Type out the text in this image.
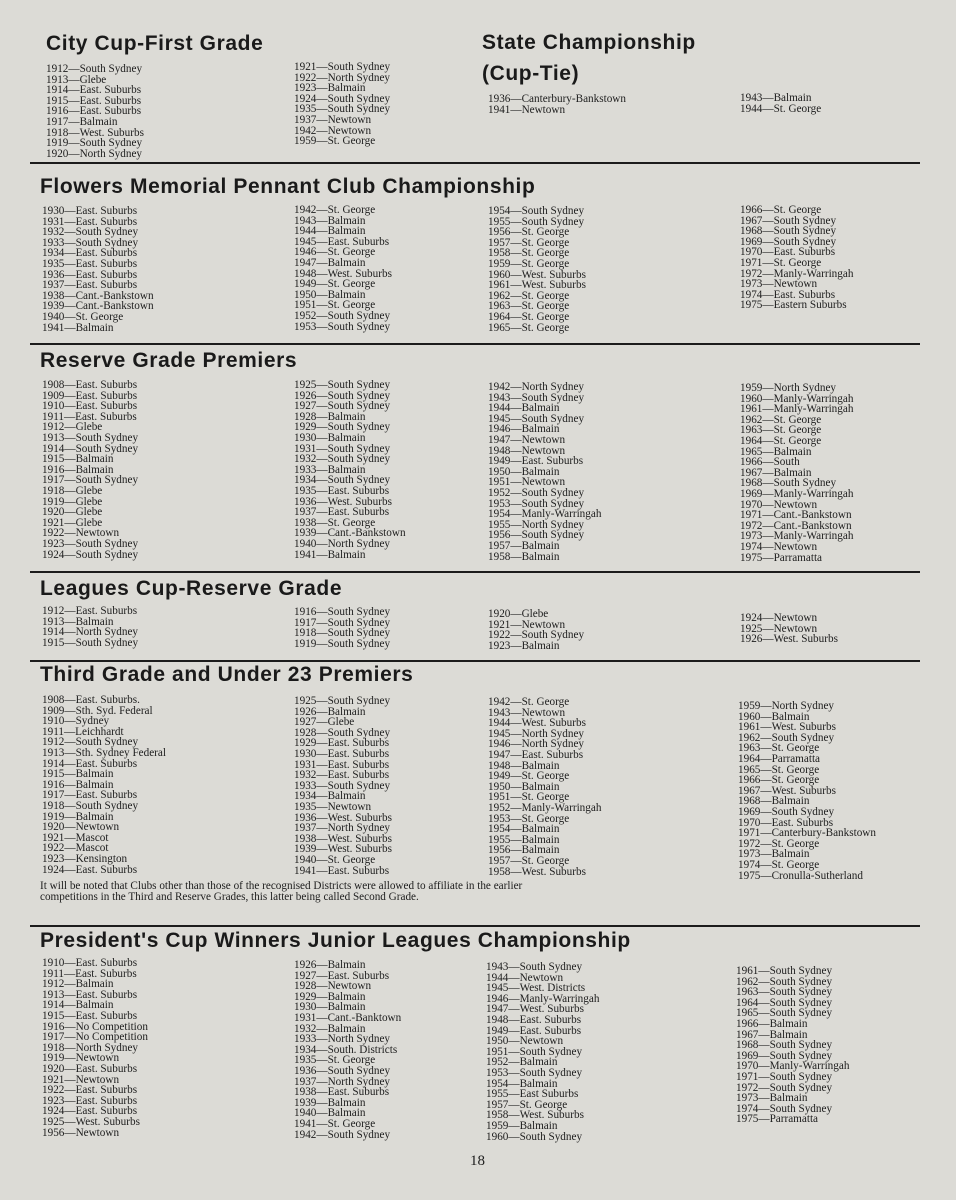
City Cup-First Grade
1912—South Sydney
1913—Glebe
1914—East. Suburbs
1915—East. Suburbs
1916—East. Suburbs
1917—Balmain
1918—West. Suburbs
1919—South Sydney
1920—North Sydney
1921—South Sydney
1922—North Sydney
1923—Balmain
1924—South Sydney
1935—South Sydney
1937—Newtown
1942—Newtown
1959—St. George
State Championship
(Cup-Tie)
1936—Canterbury-Bankstown
1941—Newtown
1943—Balmain
1944—St. George
Flowers Memorial Pennant Club Championship
1930—East. Suburbs
1931—East. Suburbs
1932—South Sydney
1933—South Sydney
1934—East. Suburbs
1935—East. Suburbs
1936—East. Suburbs
1937—East. Suburbs
1938—Cant.-Bankstown
1939—Cant.-Bankstown
1940—St. George
1941—Balmain
1942—St. George
1943—Balmain
1944—Balmain
1945—East. Suburbs
1946—St. George
1947—Balmain
1948—West. Suburbs
1949—St. George
1950—Balmain
1951—St. George
1952—South Sydney
1953—South Sydney
1954—South Sydney
1955—South Sydney
1956—St. George
1957—St. George
1958—St. George
1959—St. George
1960—West. Suburbs
1961—West. Suburbs
1962—St. George
1963—St. George
1964—St. George
1965—St. George
1966—St. George
1967—South Sydney
1968—South Sydney
1969—South Sydney
1970—East. Suburbs
1971—St. George
1972—Manly-Warringah
1973—Newtown
1974—East. Suburbs
1975—Eastern Suburbs
Reserve Grade Premiers
1908—East. Suburbs
1909—East. Suburbs
1910—East. Suburbs
1911—East. Suburbs
1912—Glebe
1913—South Sydney
1914—South Sydney
1915—Balmain
1916—Balmain
1917—South Sydney
1918—Glebe
1919—Glebe
1920—Glebe
1921—Glebe
1922—Newtown
1923—South Sydney
1924—South Sydney
1925—South Sydney
1926—South Sydney
1927—South Sydney
1928—Balmain
1929—South Sydney
1930—Balmain
1931—South Sydney
1932—South Sydney
1933—Balmain
1934—South Sydney
1935—East. Suburbs
1936—West. Suburbs
1937—East. Suburbs
1938—St. George
1939—Cant.-Bankstown
1940—North Sydney
1941—Balmain
1942—North Sydney
1943—South Sydney
1944—Balmain
1945—South Sydney
1946—Balmain
1947—Newtown
1948—Newtown
1949—East. Suburbs
1950—Balmain
1951—Newtown
1952—South Sydney
1953—South Sydney
1954—Manly-Warringah
1955—North Sydney
1956—South Sydney
1957—Balmain
1958—Balmain
1959—North Sydney
1960—Manly-Warringah
1961—Manly-Warringah
1962—St. George
1963—St. George
1964—St. George
1965—Balmain
1966—South
1967—Balmain
1968—South Sydney
1969—Manly-Warringah
1970—Newtown
1971—Cant.-Bankstown
1972—Cant.-Bankstown
1973—Manly-Warringah
1974—Newtown
1975—Parramatta
Leagues Cup-Reserve Grade
1912—East. Suburbs
1913—Balmain
1914—North Sydney
1915—South Sydney
1916—South Sydney
1917—South Sydney
1918—South Sydney
1919—South Sydney
1920—Glebe
1921—Newtown
1922—South Sydney
1923—Balmain
1924—Newtown
1925—Newtown
1926—West. Suburbs
Third Grade and Under 23 Premiers
1908—East. Suburbs.
1909—Sth. Syd. Federal
1910—Sydney
1911—Leichhardt
1912—South Sydney
1913—Sth. Sydney Federal
1914—East. Suburbs
1915—Balmain
1916—Balmain
1917—East. Suburbs
1918—South Sydney
1919—Balmain
1920—Newtown
1921—Mascot
1922—Mascot
1923—Kensington
1924—East. Suburbs
1925—South Sydney
1926—Balmain
1927—Glebe
1928—South Sydney
1929—East. Suburbs
1930—East. Suburbs
1931—East. Suburbs
1932—East. Suburbs
1933—South Sydney
1934—Balmain
1935—Newtown
1936—West. Suburbs
1937—North Sydney
1938—West. Suburbs
1939—West. Suburbs
1940—St. George
1941—East. Suburbs
1942—St. George
1943—Newtown
1944—West. Suburbs
1945—North Sydney
1946—North Sydney
1947—East. Suburbs
1948—Balmain
1949—St. George
1950—Balmain
1951—St. George
1952—Manly-Warringah
1953—St. George
1954—Balmain
1955—Balmain
1956—Balmain
1957—St. George
1958—West. Suburbs
1959—North Sydney
1960—Balmain
1961—West. Suburbs
1962—South Sydney
1963—St. George
1964—Parramatta
1965—St. George
1966—St. George
1967—West. Suburbs
1968—Balmain
1969—South Sydney
1970—East. Suburbs
1971—Canterbury-Bankstown
1972—St. George
1973—Balmain
1974—St. George
1975—Cronulla-Sutherland

It will be noted that Clubs other than those of the recognised Districts were allowed to affiliate in the earlier competitions in the Third and Reserve Grades, this latter being called Second Grade.

President's Cup Winners Junior Leagues Championship
1910—East. Suburbs
1911—East. Suburbs
1912—Balmain
1913—East. Suburbs
1914—Balmain
1915—East. Suburbs
1916—No Competition
1917—No Competition
1918—North Sydney
1919—Newtown
1920—East. Suburbs
1921—Newtown
1922—East. Suburbs
1923—East. Suburbs
1924—East. Suburbs
1925—West. Suburbs
1956—Newtown
1926—Balmain
1927—East. Suburbs
1928—Newtown
1929—Balmain
1930—Balmain
1931—Cant.-Banktown
1932—Balmain
1933—North Sydney
1934—South. Districts
1935—St. George
1936—South Sydney
1937—North Sydney
1938—East. Suburbs
1939—Balmain
1940—Balmain
1941—St. George
1942—South Sydney
1943—South Sydney
1944—Newtown
1945—West. Districts
1946—Manly-Warringah
1947—West. Suburbs
1948—East. Suburbs
1949—East. Suburbs
1950—Newtown
1951—South Sydney
1952—Balmain
1953—South Sydney
1954—Balmain
1955—East Suburbs
1957—St. George
1958—West. Suburbs
1959—Balmain
1960—South Sydney
1961—South Sydney
1962—South Sydney
1963—South Sydney
1964—South Sydney
1965—South Sydney
1966—Balmain
1967—Balmain
1968—South Sydney
1969—South Sydney
1970—Manly-Warringah
1971—South Sydney
1972—South Sydney
1973—Balmain
1974—South Sydney
1975—Parramatta
18
